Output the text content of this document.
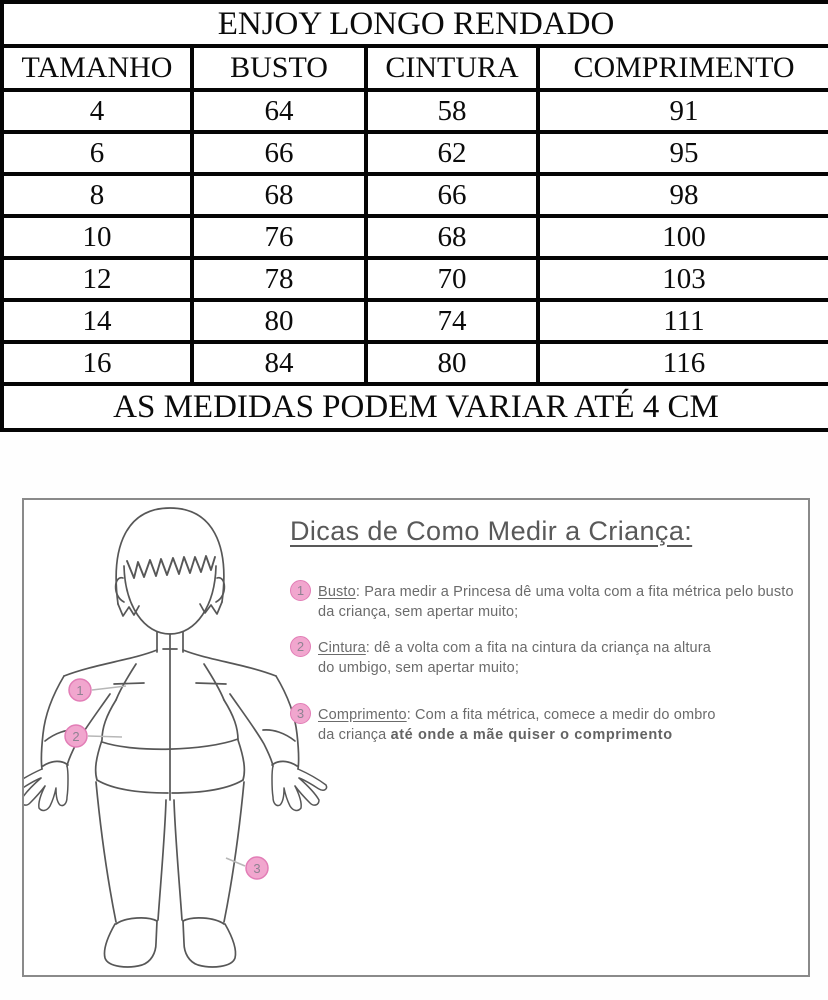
ENJOY LONGO RENDADO			
TAMANHO	BUSTO	CINTURA	COMPRIMENTO
4	64	58	91
6	66	62	95
8	68	66	98
10	76	68	100
12	78	70	103
14	80	74	111
16	84	80	116
AS MEDIDAS PODEM VARIAR ATÉ 4 CM			
1
2
3
Dicas de Como Medir a Criança:
1 Busto: Para medir a Princesa dê uma volta com a fita métrica pelo busto
da criança, sem apertar muito;
2 Cintura: dê a volta com a fita na cintura da criança na altura
do umbigo, sem apertar muito;
3 Comprimento: Com a fita métrica, comece a medir do ombro
da criança até onde a mãe quiser o comprimento
